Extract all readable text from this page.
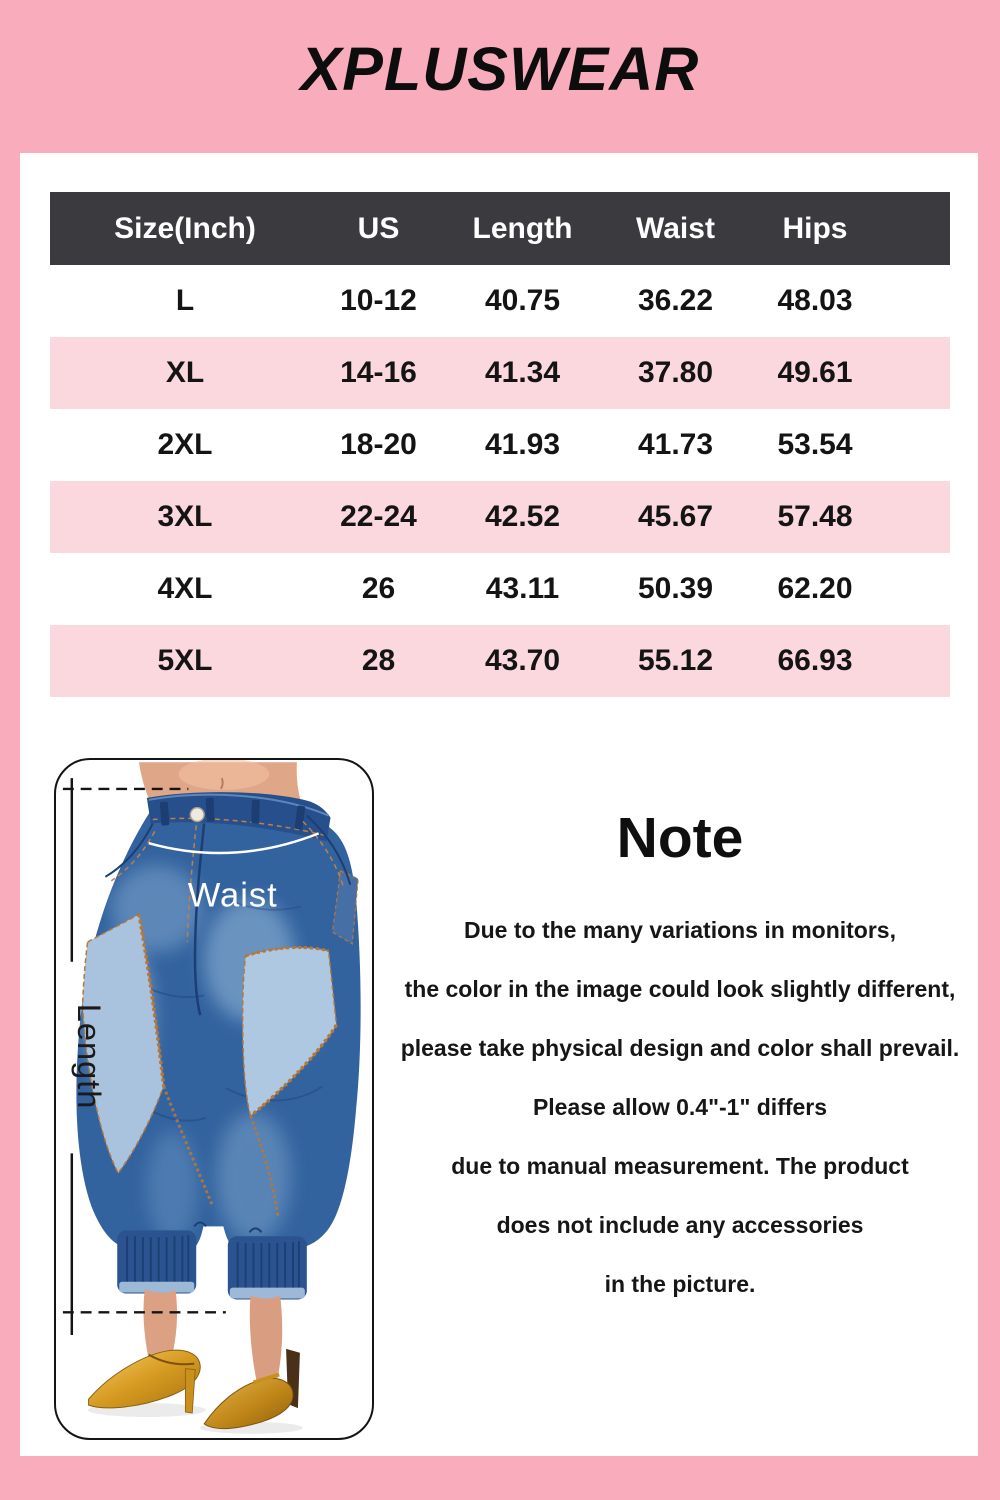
XPLUSWEAR
Size(Inch)	US	Length	Waist	Hips
L	10-12	40.75	36.22	48.03
XL	14-16	41.34	37.80	49.61
2XL	18-20	41.93	41.73	53.54
3XL	22-24	42.52	45.67	57.48
4XL	26	43.11	50.39	62.20
5XL	28	43.70	55.12	66.93
Length
Waist
Note
Due to the many variations in monitors,
the color in the image could look slightly different,
please take physical design and color shall prevail.
Please allow 0.4"-1" differs
due to manual measurement. The product
does not include any accessories
in the picture.
